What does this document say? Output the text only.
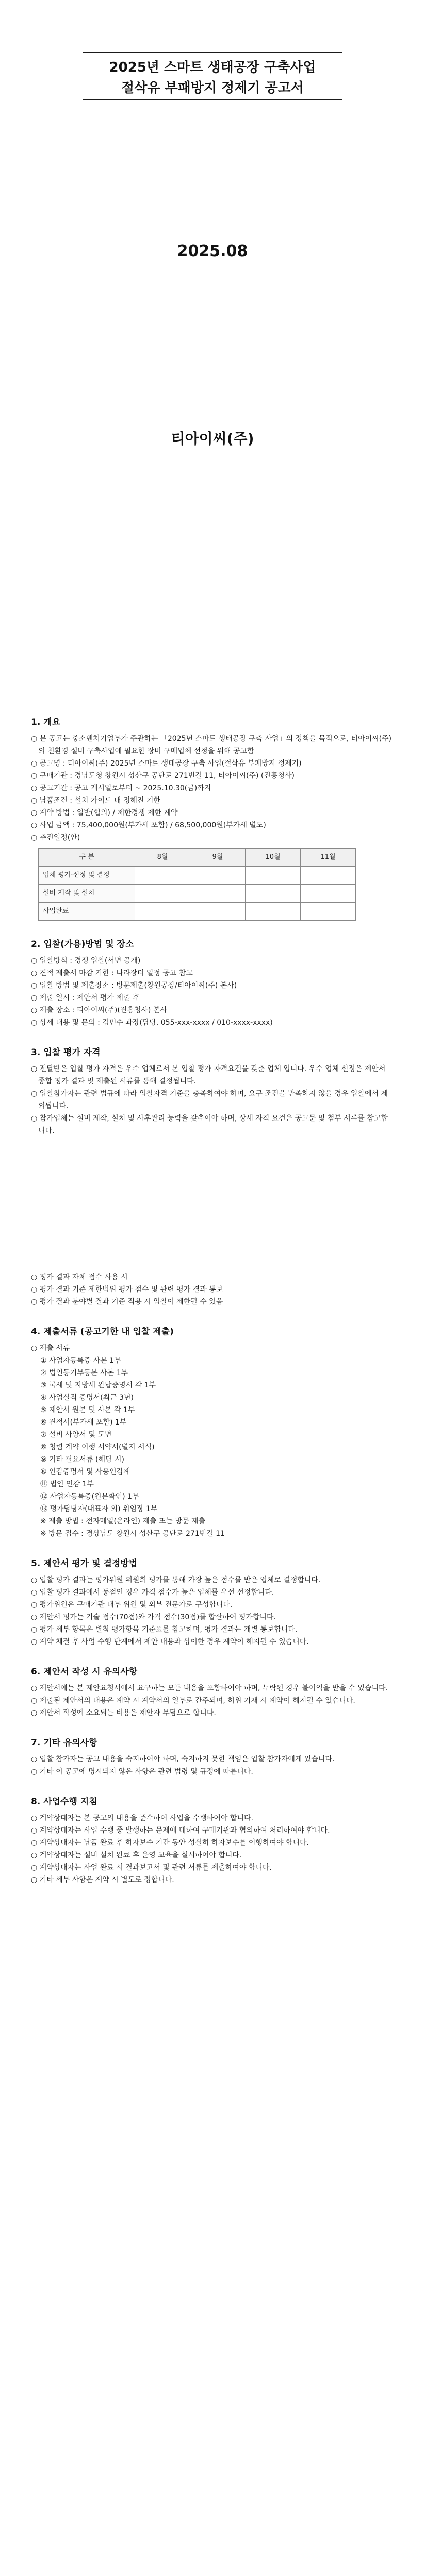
2025년 스마트 생태공장 구축사업
절삭유 부패방지 정제기 공고서
2025.08
티아이씨(주)
1. 개요
○ 본 공고는 중소벤처기업부가 주관하는 「2025년 스마트 생태공장 구축 사업」의 정책을 목적으로, 티아이씨(주)의 친환경 설비 구축사업에 필요한 장비 구매업체 선정을 위해 공고함
○ 공고명 : 티아이씨(주) 2025년 스마트 생태공장 구축 사업(절삭유 부패방지 정제기)
○ 구매기관 : 경남도청 창원시 성산구 공단로 271번길 11, 티아이씨(주) (진흥청사)
○ 공고기간 : 공고 게시일로부터 ~ 2025.10.30(금)까지
○ 납품조건 : 설치 가이드 내 정해진 기한
○ 계약 방법 : 일반(협의) / 제한경쟁 제한 계약
○ 사업 금액 : 75,400,000원(부가세 포함) / 68,500,000원(부가세 별도)
○ 추진일정(안)
구 분	8월	9월	10월	11월
업체 평가·선정 및 결정				
설비 제작 및 설치				
사업완료				
2. 입찰(가용)방법 및 장소
○ 입찰방식 : 경쟁 입찰(서면 공개)
○ 견적 제출서 마감 기한 : 나라장터 일정 공고 참고
○ 입찰 방법 및 제출장소 : 방문제출(창원공장/티아이씨(주) 본사)
○ 제출 일시 : 제안서 평가 제출 후
○ 제출 장소 : 티아이씨(주)(진흥청사) 본사
○ 상세 내용 및 문의 : 김민수 과장(담당, 055-xxx-xxxx / 010-xxxx-xxxx)
3. 입찰 평가 자격
○ 전달받은 입찰 평가 자격은 우수 업체로서 본 입찰 평가 자격요건을 갖춘 업체 입니다. 우수 업체 선정은 제안서 종합 평가 결과 및 제출된 서류를 통해 결정됩니다.
○ 입찰참가자는 관련 법규에 따라 입찰자격 기준을 충족하여야 하며, 요구 조건을 만족하지 않을 경우 입찰에서 제외됩니다.
○ 참가업체는 설비 제작, 설치 및 사후관리 능력을 갖추어야 하며, 상세 자격 요건은 공고문 및 첨부 서류를 참고합니다.
○ 평가 결과 자체 점수 사용 시
○ 평가 결과 기준 제한범위 평가 점수 및 관련 평가 결과 통보
○ 평가 결과 분야별 결과 기준 적용 시 입찰이 제한될 수 있음
4. 제출서류 (공고기한 내 입찰 제출)
○ 제출 서류
① 사업자등록증 사본 1부
② 법인등기부등본 사본 1부
③ 국세 및 지방세 완납증명서 각 1부
④ 사업실적 증명서(최근 3년)
⑤ 제안서 원본 및 사본 각 1부
⑥ 견적서(부가세 포함) 1부
⑦ 설비 사양서 및 도면
⑧ 청렴 계약 이행 서약서(별지 서식)
⑨ 기타 필요서류 (해당 시)
⑩ 인감증명서 및 사용인감계
⑪ 법인 인감 1부
⑫ 사업자등록증(원본확인) 1부
⑬ 평가담당자(대표자 외) 위임장 1부
※ 제출 방법 : 전자메일(온라인) 제출 또는 방문 제출
※ 방문 접수 : 경상남도 창원시 성산구 공단로 271번길 11
5. 제안서 평가 및 결정방법
○ 입찰 평가 결과는 평가위원 위원회 평가를 통해 가장 높은 점수를 받은 업체로 결정합니다.
○ 입찰 평가 결과에서 동점인 경우 가격 점수가 높은 업체를 우선 선정합니다.
○ 평가위원은 구매기관 내부 위원 및 외부 전문가로 구성합니다.
○ 제안서 평가는 기술 점수(70점)와 가격 점수(30점)를 합산하여 평가합니다.
○ 평가 세부 항목은 별첨 평가항목 기준표를 참고하며, 평가 결과는 개별 통보합니다.
○ 계약 체결 후 사업 수행 단계에서 제안 내용과 상이한 경우 계약이 해지될 수 있습니다.
6. 제안서 작성 시 유의사항
○ 제안서에는 본 제안요청서에서 요구하는 모든 내용을 포함하여야 하며, 누락된 경우 불이익을 받을 수 있습니다.
○ 제출된 제안서의 내용은 계약 시 계약서의 일부로 간주되며, 허위 기재 시 계약이 해지될 수 있습니다.
○ 제안서 작성에 소요되는 비용은 제안자 부담으로 합니다.
7. 기타 유의사항
○ 입찰 참가자는 공고 내용을 숙지하여야 하며, 숙지하지 못한 책임은 입찰 참가자에게 있습니다.
○ 기타 이 공고에 명시되지 않은 사항은 관련 법령 및 규정에 따릅니다.
8. 사업수행 지침
○ 계약상대자는 본 공고의 내용을 준수하여 사업을 수행하여야 합니다.
○ 계약상대자는 사업 수행 중 발생하는 문제에 대하여 구매기관과 협의하여 처리하여야 합니다.
○ 계약상대자는 납품 완료 후 하자보수 기간 동안 성실히 하자보수를 이행하여야 합니다.
○ 계약상대자는 설비 설치 완료 후 운영 교육을 실시하여야 합니다.
○ 계약상대자는 사업 완료 시 결과보고서 및 관련 서류를 제출하여야 합니다.
○ 기타 세부 사항은 계약 시 별도로 정합니다.
